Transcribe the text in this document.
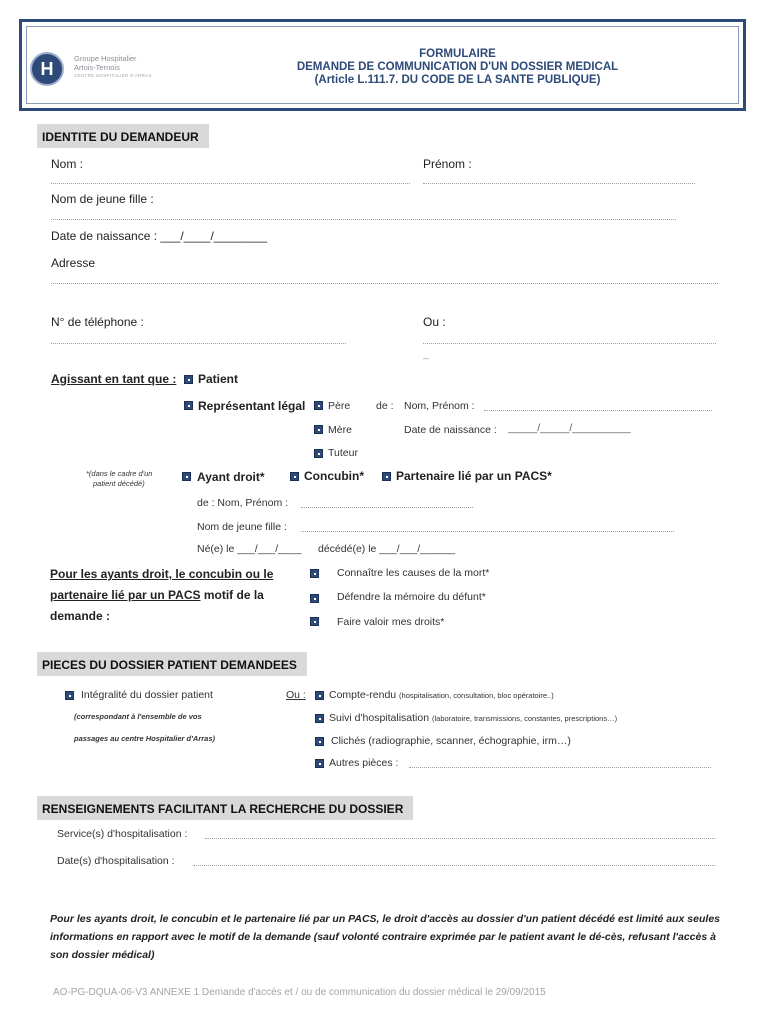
H	Groupe Hospitalier
Artois-Ternois
CENTRE HOSPITALIER D'ARRAS
FORMULAIRE
DEMANDE DE COMMUNICATION D'UN DOSSIER MEDICAL
(Article L.111.7. DU CODE DE LA SANTE PUBLIQUE)
IDENTITE DU DEMANDEUR
Nom :	Prénom :
Nom de jeune fille :
Date de naissance : ___/____/________
Adresse
N° de téléphone :	Ou :
_
Agissant en tant que : Patient
Représentant légal Père de : Nom, Prénom :
Mère	Date de naissance : _____/_____/__________
Tuteur
*(dans le cadre d'un
patient décédé)	Ayant droit*	Concubin*	Partenaire lié par un PACS*
de : Nom, Prénom :
Nom de jeune fille :
Né(e) le ___/___/____ décédé(e) le ___/___/______
Pour les ayants droit, le concubin ou le
partenaire lié par un PACS motif de la
demande :
Connaître les causes de la mort*
Défendre la mémoire du défunt*
Faire valoir mes droits*
PIECES DU DOSSIER PATIENT DEMANDEES
Intégralité du dossier patient
(correspondant à l'ensemble de vos
passages au centre Hospitalier d'Arras)
Ou : Compte-rendu (hospitalisation, consultation, bloc opératoire..)
Suivi d'hospitalisation (laboratoire, transmissions, constantes, prescriptions…)
Clichés (radiographie, scanner, échographie, irm…)
Autres pièces :
RENSEIGNEMENTS FACILITANT LA RECHERCHE DU DOSSIER
Service(s) d'hospitalisation :
Date(s) d'hospitalisation :
Pour les ayants droit, le concubin et le partenaire lié par un PACS, le droit d'accès au dossier d'un patient décédé est limité aux seules informations en rapport avec le motif de la demande (sauf volonté contraire exprimée par le patient avant le dé-cès, refusant l'accès à son dossier médical)
AO-PG-DQUA-06-V3 ANNEXE 1 Demande d'accès et / ou de communication du dossier médical le 29/09/2015
